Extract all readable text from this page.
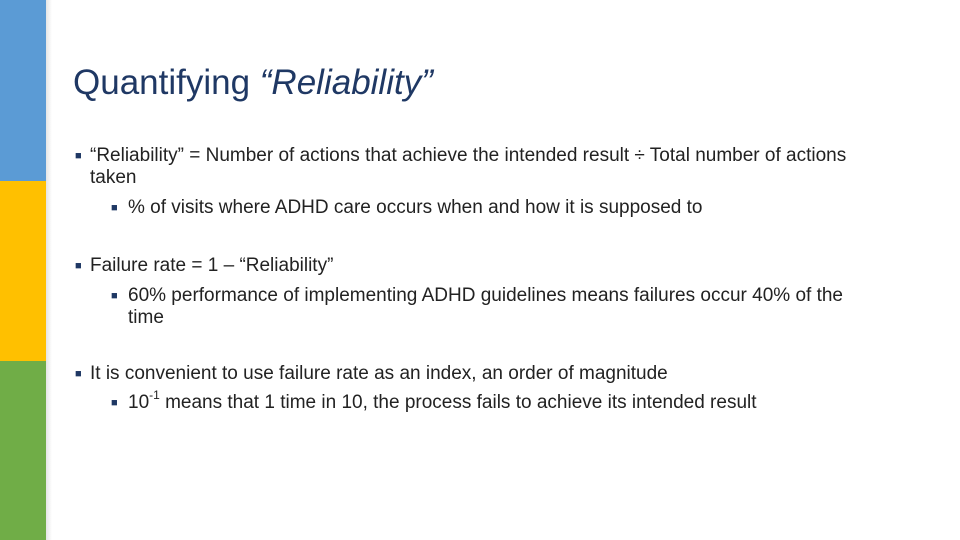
Quantifying “Reliability”
■ “Reliability” = Number of actions that achieve the intended result ÷ Total number of actions taken
■ % of visits where ADHD care occurs when and how it is supposed to
■ Failure rate = 1 – “Reliability”
■ 60% performance of implementing ADHD guidelines means failures occur 40% of the time
■ It is convenient to use failure rate as an index, an order of magnitude
■ $10^{-1}$ means that 1 time in 10, the process fails to achieve its intended result
